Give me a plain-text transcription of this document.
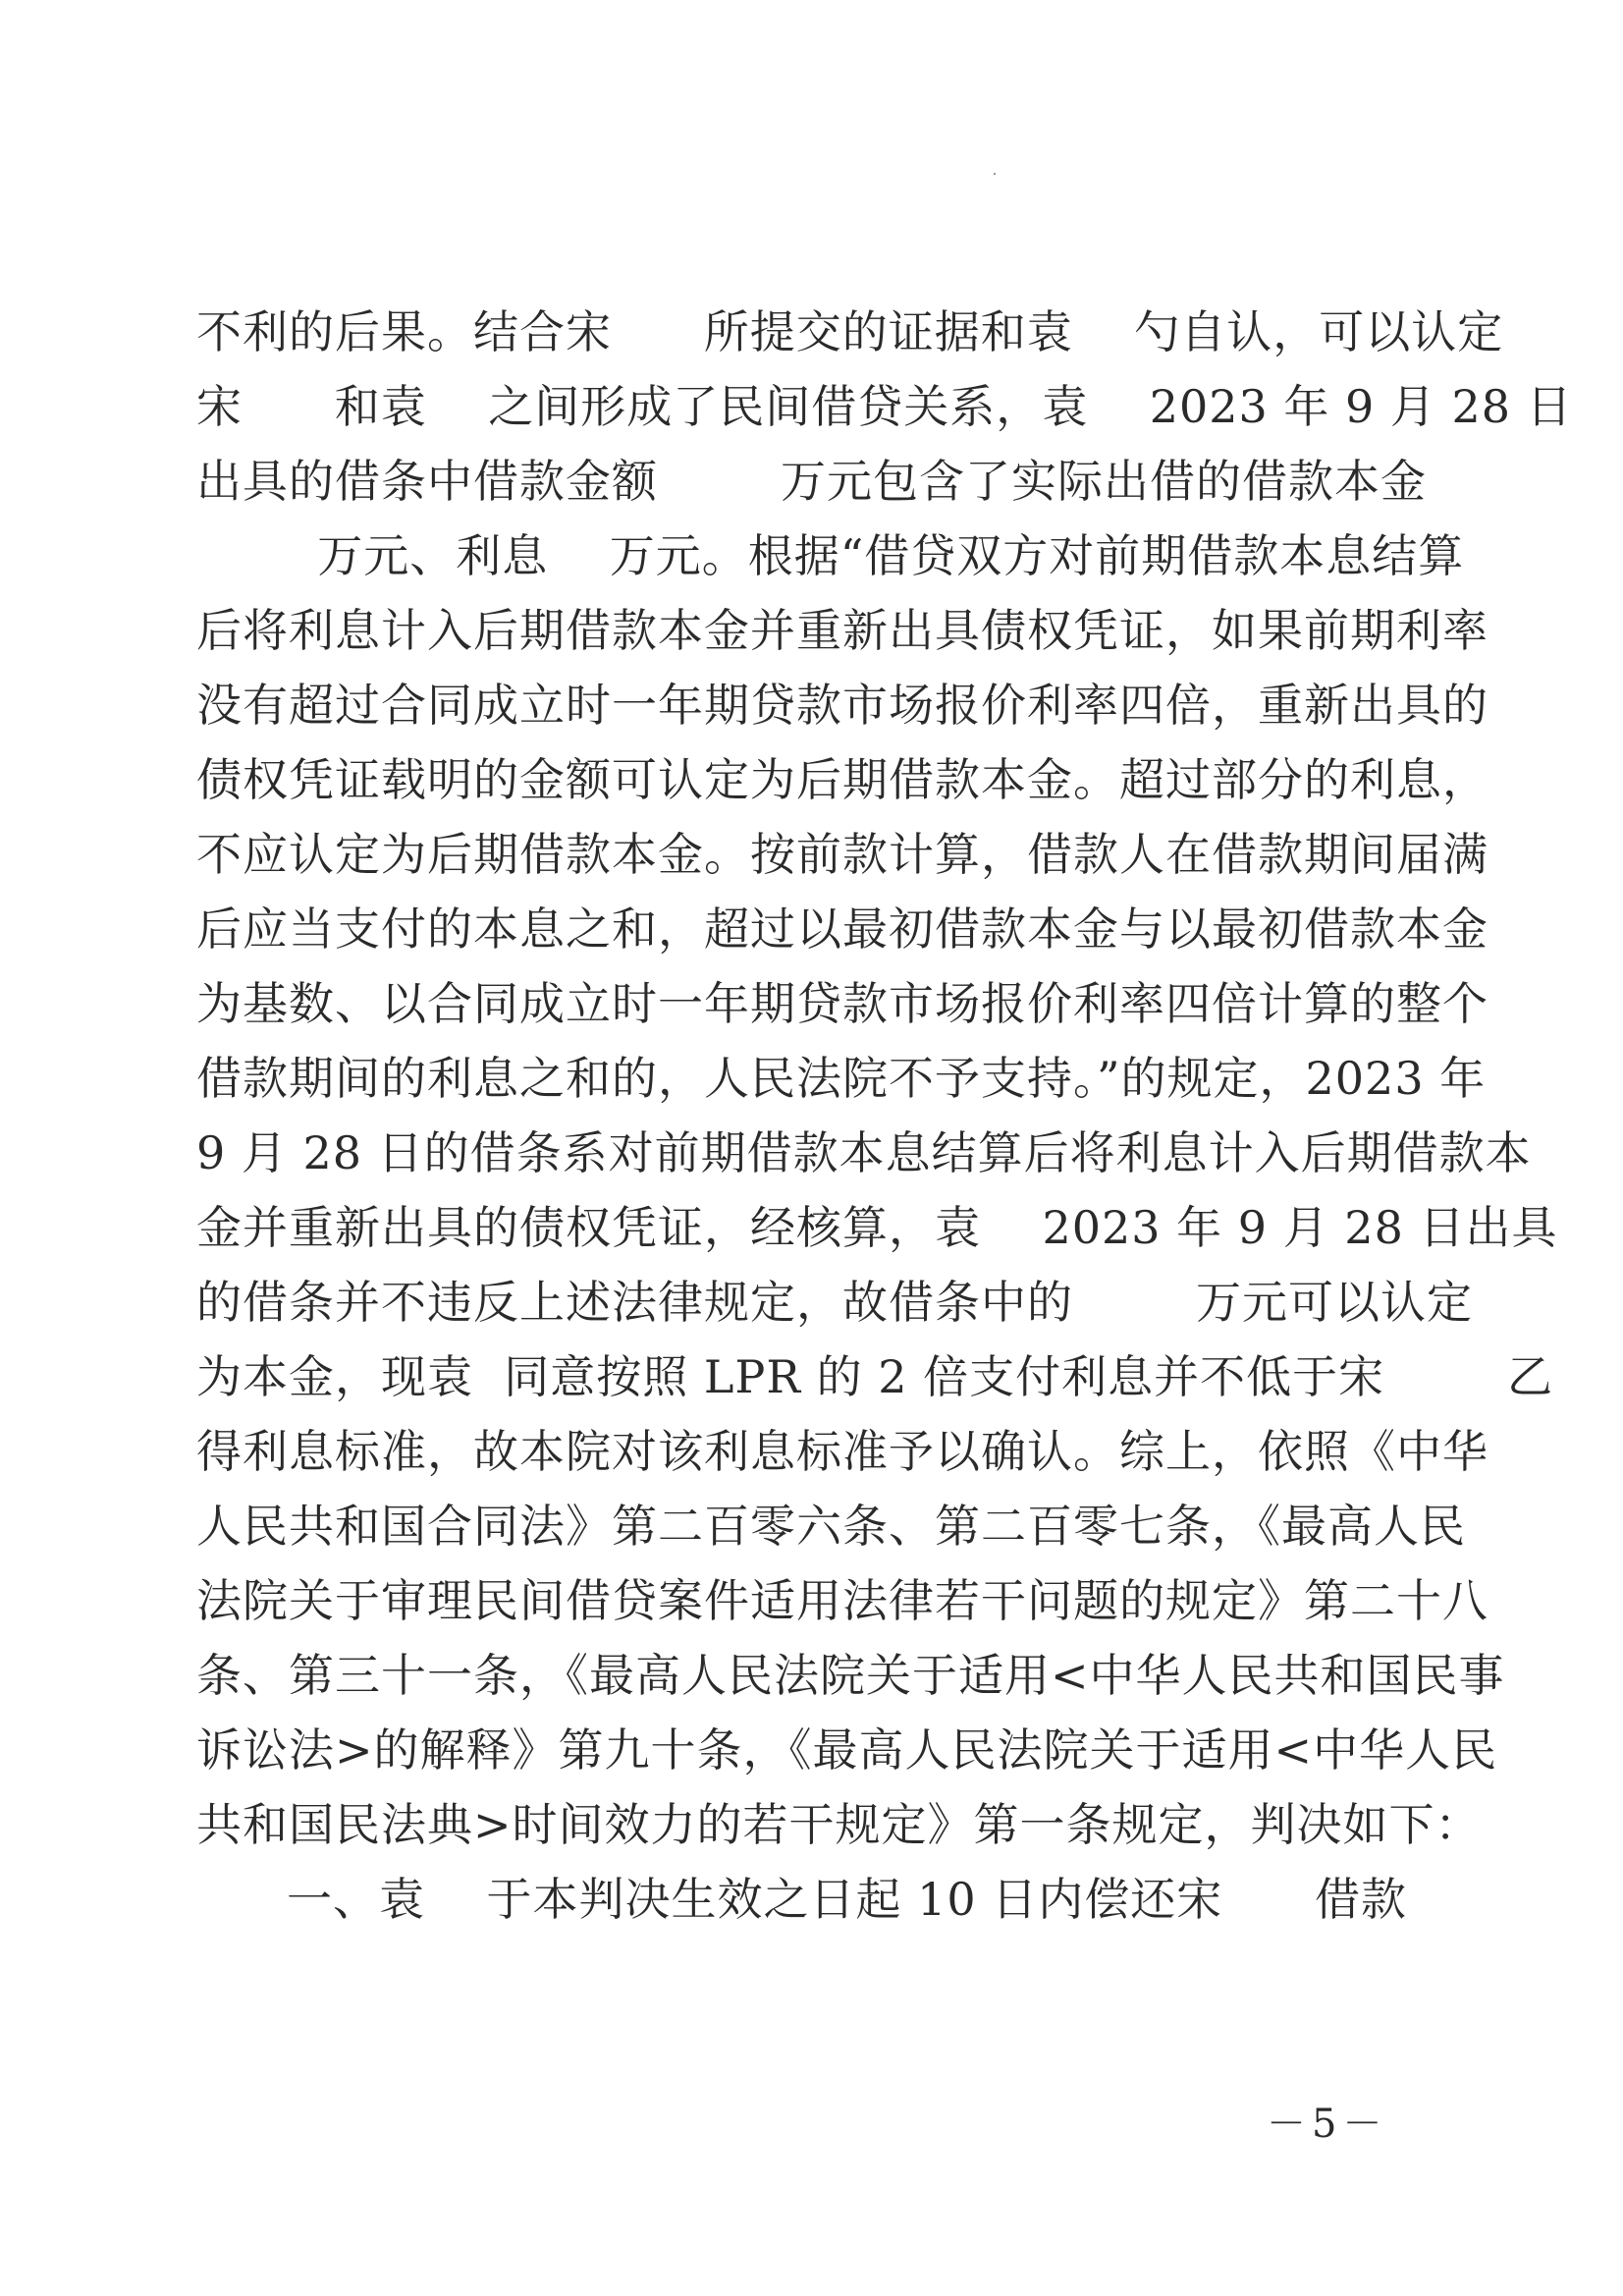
不利的后果。结合宋      所提交的证据和袁    勺自认，可以认定
宋      和袁    之间形成了民间借贷关系，袁    2023 年 9 月 28 日
出具的借条中借款金额        万元包含了实际出借的借款本金
万元、利息    万元。根据“借贷双方对前期借款本息结算
后将利息计入后期借款本金并重新出具债权凭证，如果前期利率
没有超过合同成立时一年期贷款市场报价利率四倍，重新出具的
债权凭证载明的金额可认定为后期借款本金。超过部分的利息，
不应认定为后期借款本金。按前款计算，借款人在借款期间届满
后应当支付的本息之和，超过以最初借款本金与以最初借款本金
为基数、以合同成立时一年期贷款市场报价利率四倍计算的整个
借款期间的利息之和的，人民法院不予支持。”的规定，2023 年
9 月 28 日的借条系对前期借款本息结算后将利息计入后期借款本
金并重新出具的债权凭证，经核算，袁    2023 年 9 月 28 日出具
的借条并不违反上述法律规定，故借条中的        万元可以认定
为本金，现袁  同意按照 LPR 的 2 倍支付利息并不低于宋        乙
得利息标准，故本院对该利息标准予以确认。综上，依照《中华
人民共和国合同法》第二百零六条、第二百零七条，《最高人民
法院关于审理民间借贷案件适用法律若干问题的规定》第二十八
条、第三十一条，《最高人民法院关于适用<中华人民共和国民事
诉讼法>的解释》第九十条，《最高人民法院关于适用<中华人民
共和国民法典>时间效力的若干规定》第一条规定，判决如下：
一、袁    于本判决生效之日起 10 日内偿还宋      借款
－5－
